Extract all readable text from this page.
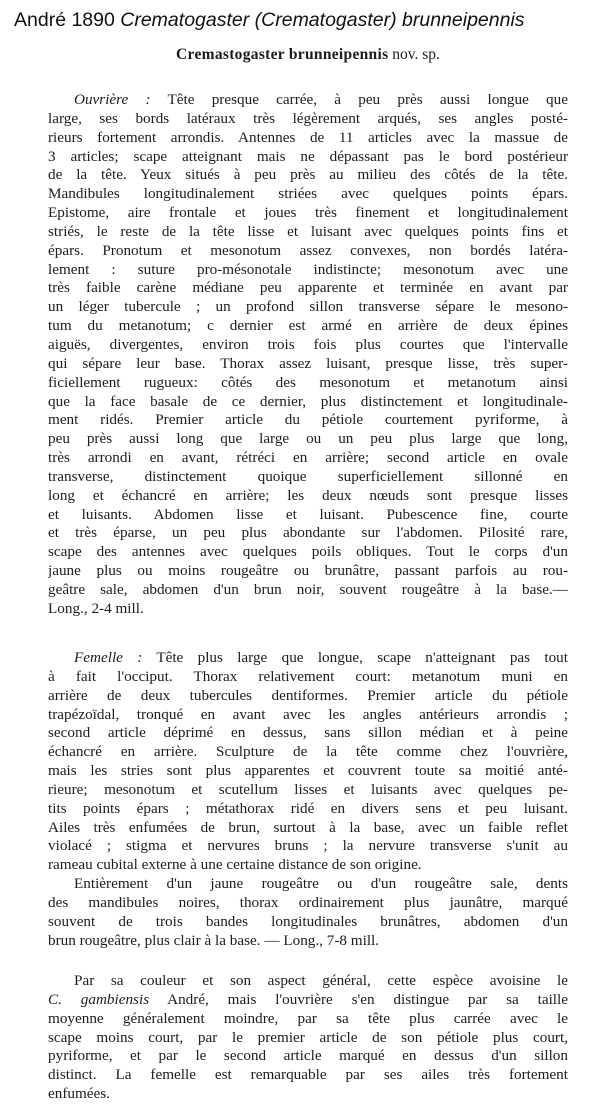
André 1890 Crematogaster (Crematogaster) brunneipennis
Cremastogaster brunneipennis nov. sp.
Ouvrière : Tête presque carrée, à peu près aussi longue que
large, ses bords latéraux très légèrement arqués, ses angles posté-
rieurs fortement arrondis. Antennes de 11 articles avec la massue de
3 articles; scape atteignant mais ne dépassant pas le bord postérieur
de la tête. Yeux situés à peu près au milieu des côtés de la tête.
Mandibules longitudinalement striées avec quelques points épars.
Epistome, aire frontale et joues très finement et longitudinalement
striés, le reste de la tête lisse et luisant avec quelques points fins et
épars. Pronotum et mesonotum assez convexes, non bordés latéra-
lement : suture pro-mésonotale indistincte; mesonotum avec une
très faible carène médiane peu apparente et terminée en avant par
un léger tubercule ; un profond sillon transverse sépare le mesono-
tum du metanotum; c dernier est armé en arrière de deux épines
aiguës, divergentes, environ trois fois plus courtes que l'intervalle
qui sépare leur base. Thorax assez luisant, presque lisse, très super-
ficiellement rugueux: côtés des mesonotum et metanotum ainsi
que la face basale de ce dernier, plus distinctement et longitudinale-
ment ridés. Premier article du pétiole courtement pyriforme, à
peu près aussi long que large ou un peu plus large que long,
très arrondi en avant, rétréci en arrière; second article en ovale
transverse, distinctement quoique superficiellement sillonné en
long et échancré en arrière; les deux nœuds sont presque lisses
et luisants. Abdomen lisse et luisant. Pubescence fine, courte
et très éparse, un peu plus abondante sur l'abdomen. Pilosité rare,
scape des antennes avec quelques poils obliques. Tout le corps d'un
jaune plus ou moins rougeâtre ou brunâtre, passant parfois au rou-
geâtre sale, abdomen d'un brun noir, souvent rougeâtre à la base.—
Long., 2-4 mill.
Femelle : Tête plus large que longue, scape n'atteignant pas tout
à fait l'occiput. Thorax relativement court: metanotum muni en
arrière de deux tubercules dentiformes. Premier article du pétiole
trapézoïdal, tronqué en avant avec les angles antérieurs arrondis ;
second article déprimé en dessus, sans sillon médian et à peine
échancré en arrière. Sculpture de la tête comme chez l'ouvrière,
mais les stries sont plus apparentes et couvrent toute sa moitié anté-
rieure; mesonotum et scutellum lisses et luisants avec quelques pe-
tits points épars ; métathorax ridé en divers sens et peu luisant.
Ailes très enfumées de brun, surtout à la base, avec un faible reflet
violacé ; stigma et nervures bruns ; la nervure transverse s'unit au
rameau cubital externe à une certaine distance de son origine.
Entièrement d'un jaune rougeâtre ou d'un rougeâtre sale, dents
des mandibules noires, thorax ordinairement plus jaunâtre, marqué
souvent de trois bandes longitudinales brunâtres, abdomen d'un
brun rougeâtre, plus clair à la base. — Long., 7-8 mill.
Par sa couleur et son aspect général, cette espèce avoisine le
C. gambiensis André, mais l'ouvrière s'en distingue par sa taille
moyenne généralement moindre, par sa tête plus carrée avec le
scape moins court, par le premier article de son pétiole plus court,
pyriforme, et par le second article marqué en dessus d'un sillon
distinct. La femelle est remarquable par ses ailes très fortement
enfumées.
